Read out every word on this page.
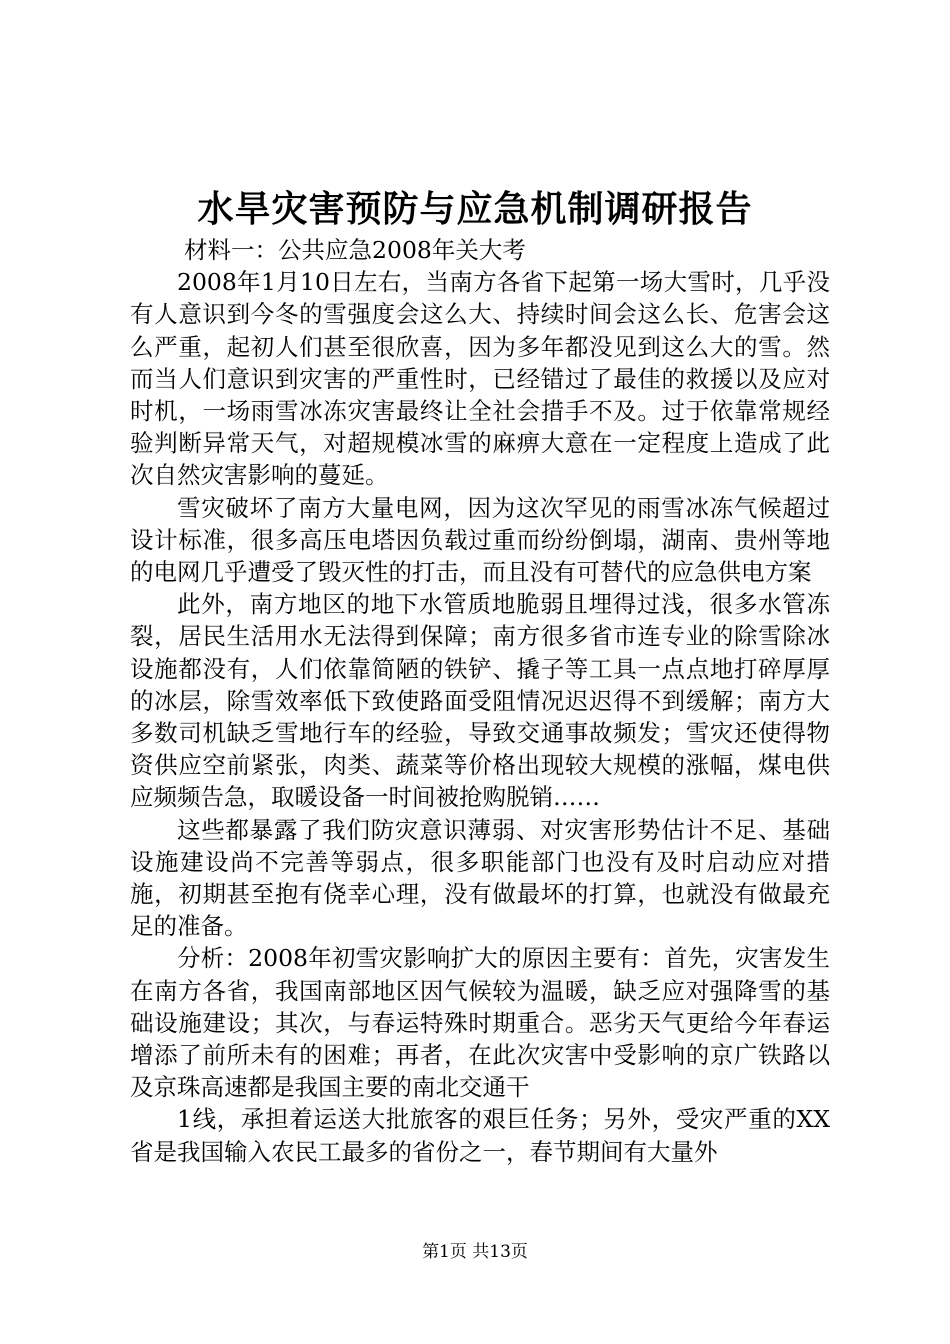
水旱灾害预防与应急机制调研报告

材料一：公共应急2008年关大考

2008年1月10日左右，当南方各省下起第一场大雪时，几乎没有人意识到今冬的雪强度会这么大、持续时间会这么长、危害会这么严重，起初人们甚至很欣喜，因为多年都没见到这么大的雪。然而当人们意识到灾害的严重性时，已经错过了最佳的救援以及应对时机，一场雨雪冰冻灾害最终让全社会措手不及。过于依靠常规经验判断异常天气，对超规模冰雪的麻痹大意在一定程度上造成了此次自然灾害影响的蔓延。

雪灾破坏了南方大量电网，因为这次罕见的雨雪冰冻气候超过设计标准，很多高压电塔因负载过重而纷纷倒塌，湖南、贵州等地的电网几乎遭受了毁灭性的打击，而且没有可替代的应急供电方案

此外，南方地区的地下水管质地脆弱且埋得过浅，很多水管冻裂，居民生活用水无法得到保障；南方很多省市连专业的除雪除冰设施都没有，人们依靠简陋的铁铲、撬子等工具一点点地打碎厚厚的冰层，除雪效率低下致使路面受阻情况迟迟得不到缓解；南方大多数司机缺乏雪地行车的经验，导致交通事故频发；雪灾还使得物资供应空前紧张，肉类、蔬菜等价格出现较大规模的涨幅，煤电供应频频告急，取暖设备一时间被抢购脱销……

这些都暴露了我们防灾意识薄弱、对灾害形势估计不足、基础设施建设尚不完善等弱点，很多职能部门也没有及时启动应对措施，初期甚至抱有侥幸心理，没有做最坏的打算，也就没有做最充足的准备。

分析：2008年初雪灾影响扩大的原因主要有：首先，灾害发生在南方各省，我国南部地区因气候较为温暖，缺乏应对强降雪的基础设施建设；其次，与春运特殊时期重合。恶劣天气更给今年春运增添了前所未有的困难；再者，在此次灾害中受影响的京广铁路以及京珠高速都是我国主要的南北交通干

1线，承担着运送大批旅客的艰巨任务；另外，受灾严重的XX省是我国输入农民工最多的省份之一，春节期间有大量外

第1页 共13页
